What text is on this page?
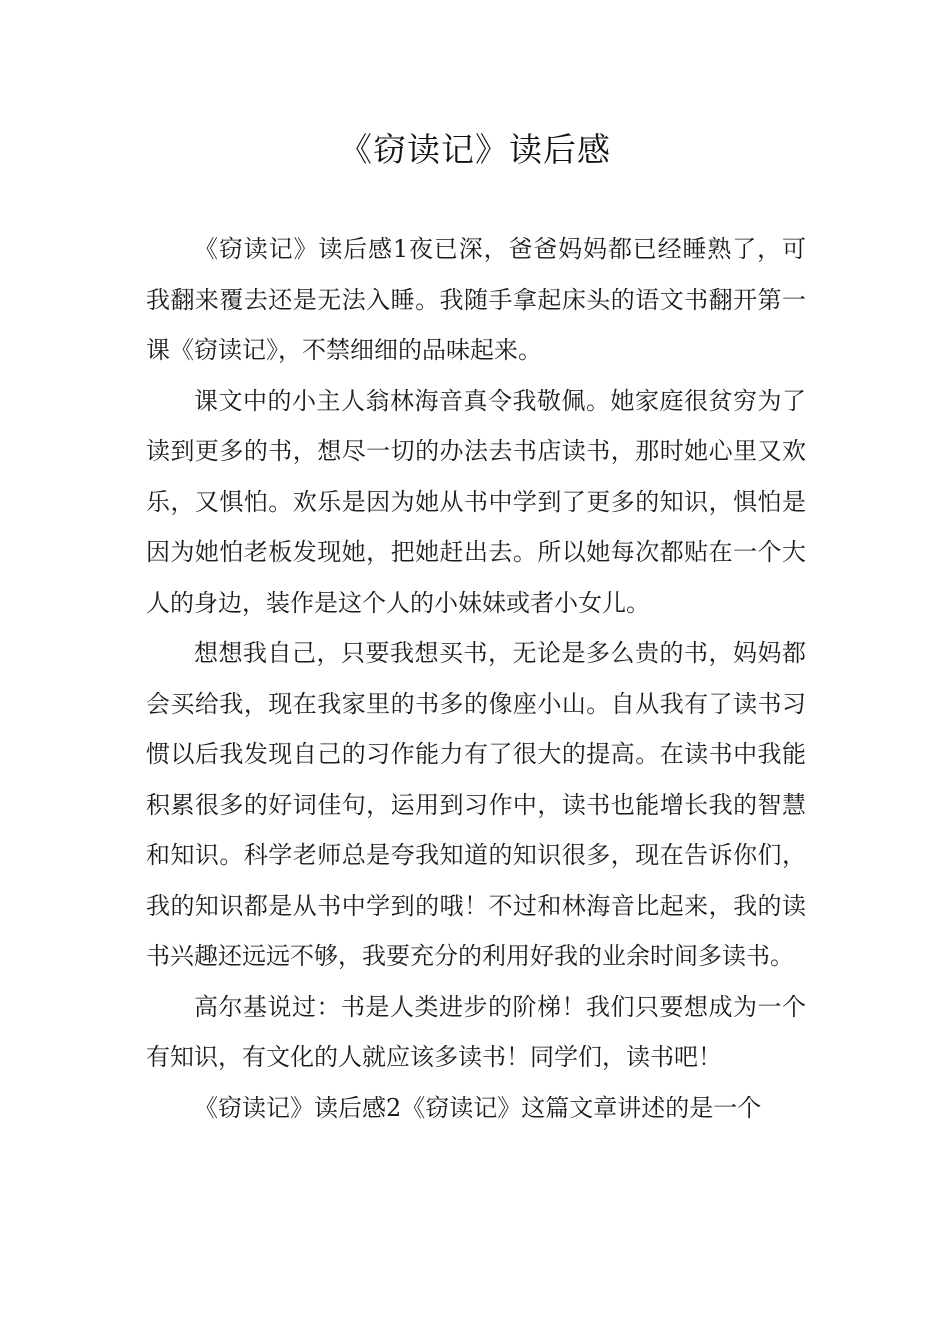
《窃读记》读后感

《窃读记》读后感1夜已深，爸爸妈妈都已经睡熟了，可我翻来覆去还是无法入睡。我随手拿起床头的语文书翻开第一课《窃读记》，不禁细细的品味起来。

课文中的小主人翁林海音真令我敬佩。她家庭很贫穷为了读到更多的书，想尽一切的办法去书店读书，那时她心里又欢乐，又惧怕。欢乐是因为她从书中学到了更多的知识，惧怕是因为她怕老板发现她，把她赶出去。所以她每次都贴在一个大人的身边，装作是这个人的小妹妹或者小女儿。

想想我自己，只要我想买书，无论是多么贵的书，妈妈都会买给我，现在我家里的书多的像座小山。自从我有了读书习惯以后我发现自己的习作能力有了很大的提高。在读书中我能积累很多的好词佳句，运用到习作中，读书也能增长我的智慧和知识。科学老师总是夸我知道的知识很多，现在告诉你们，我的知识都是从书中学到的哦！不过和林海音比起来，我的读书兴趣还远远不够，我要充分的利用好我的业余时间多读书。

高尔基说过：书是人类进步的阶梯！我们只要想成为一个有知识，有文化的人就应该多读书！同学们，读书吧！

《窃读记》读后感2《窃读记》这篇文章讲述的是一个
